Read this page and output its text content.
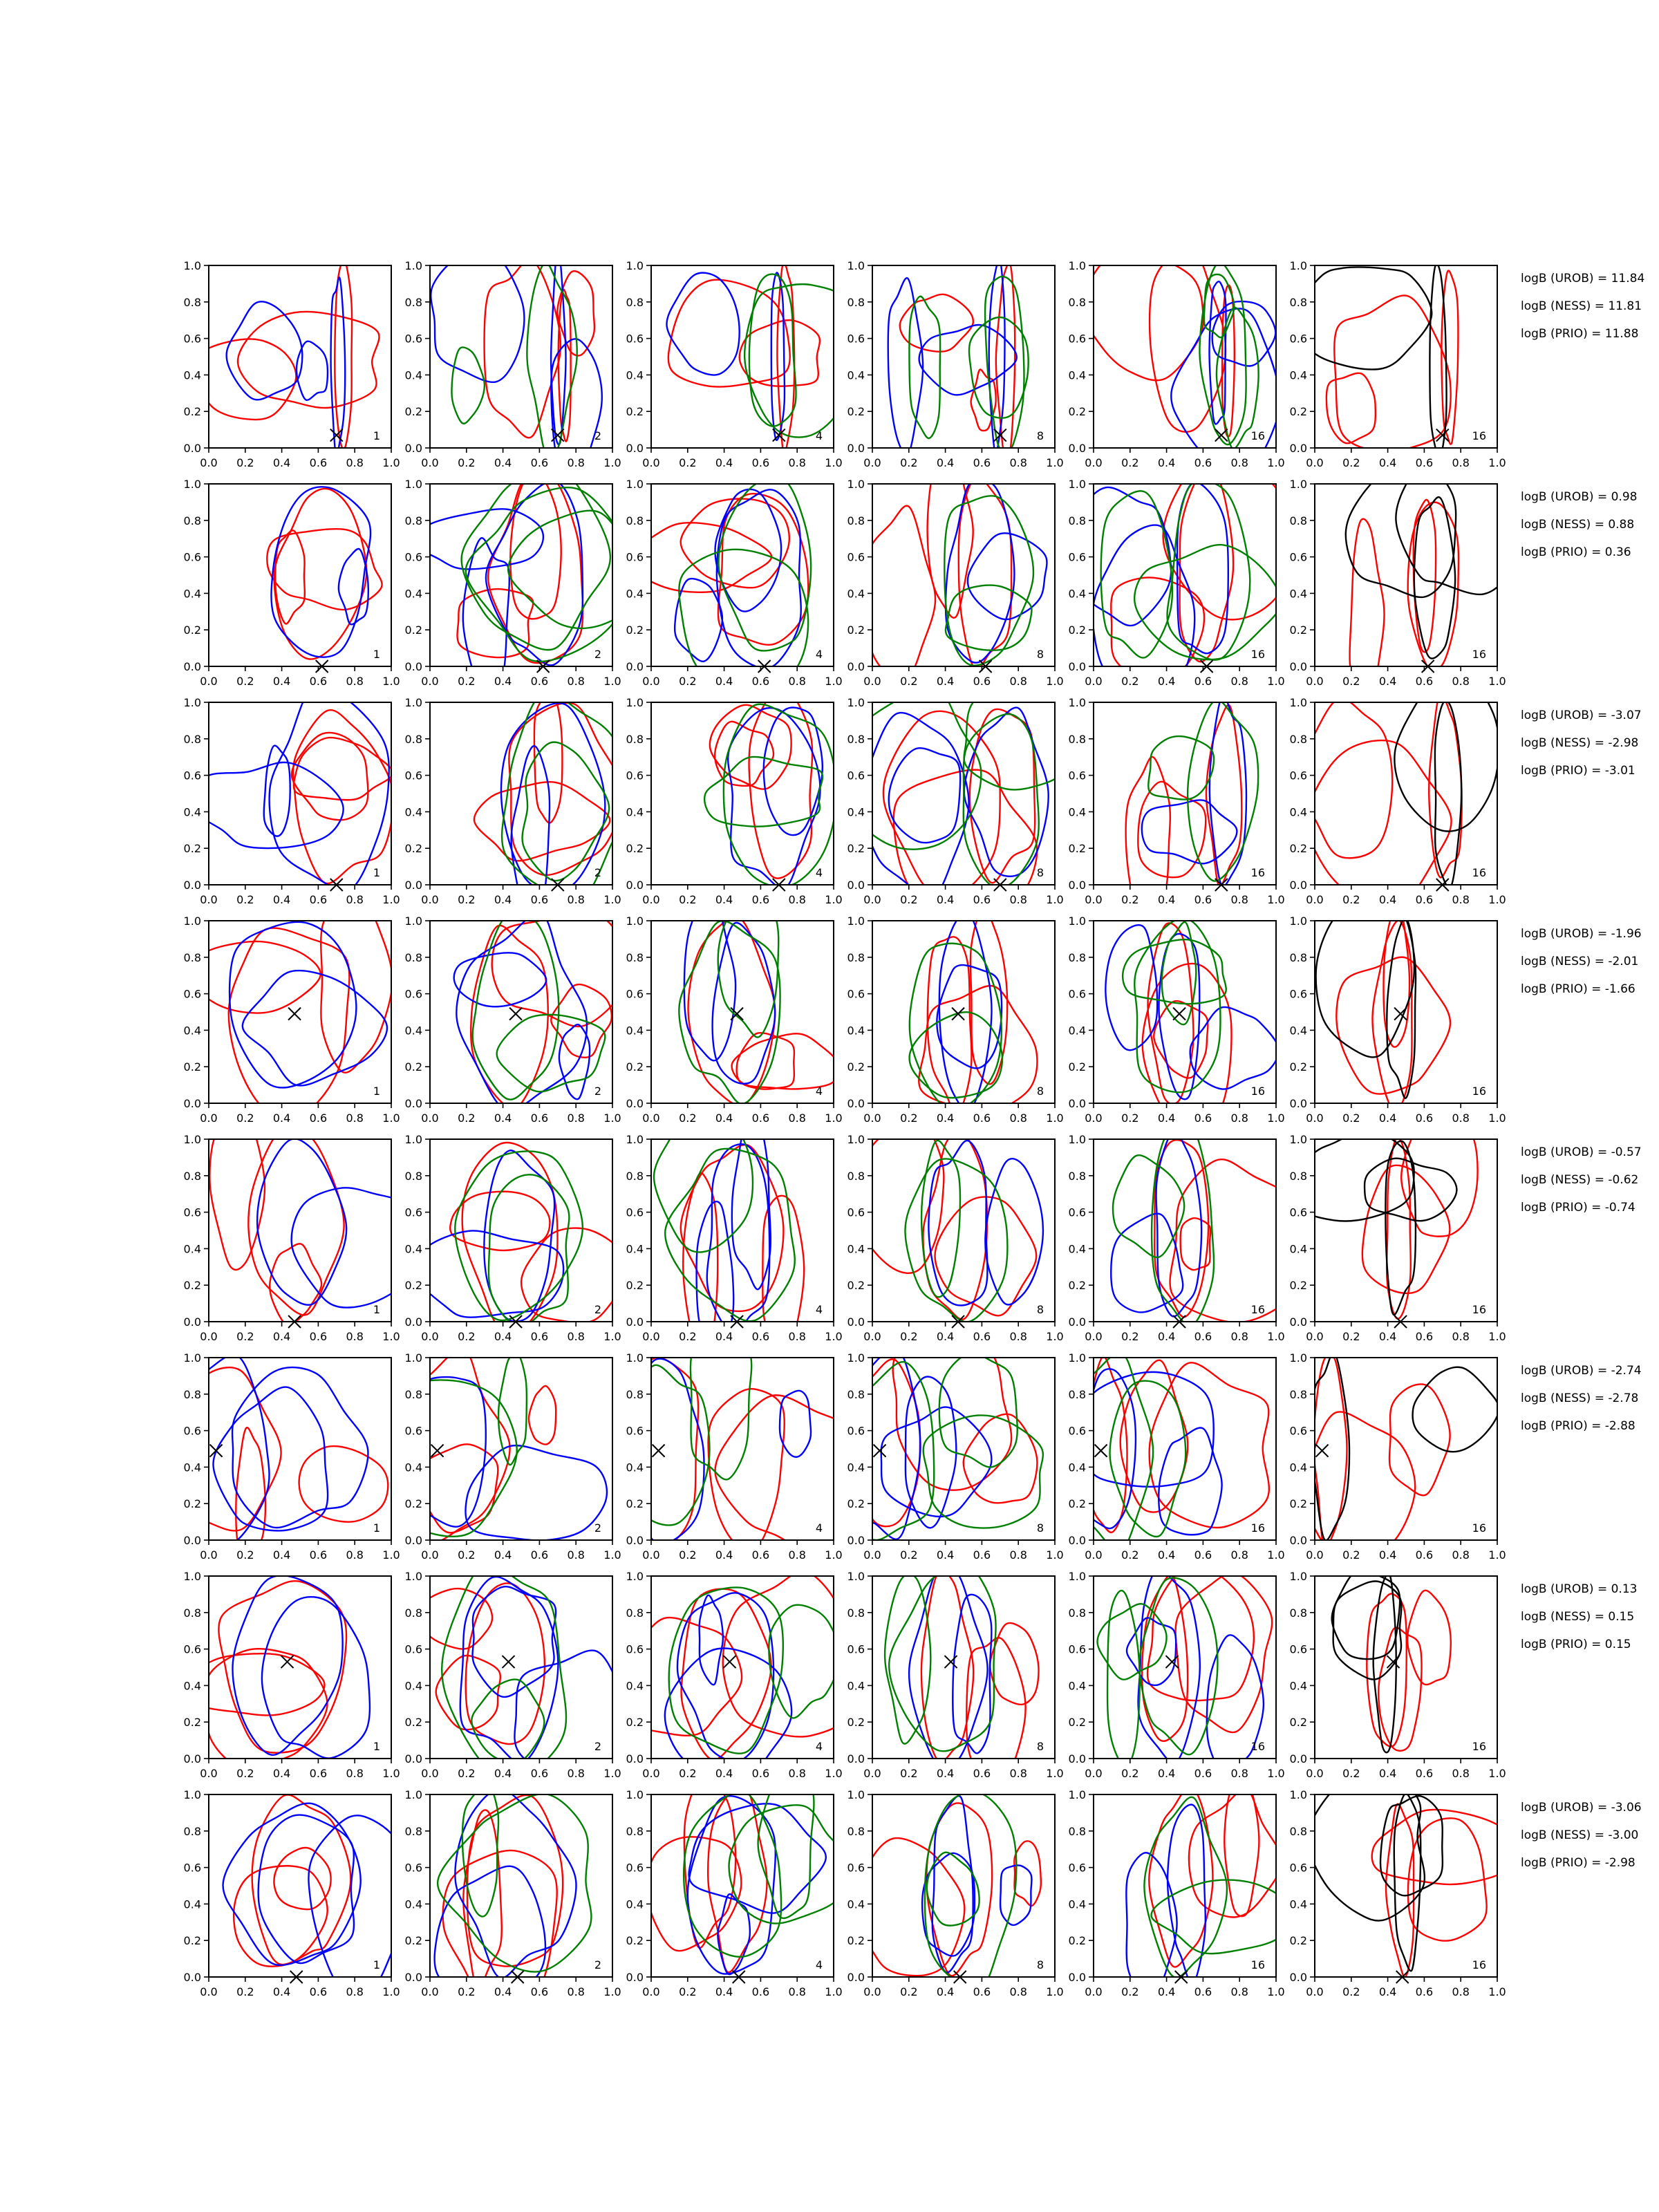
0.0 0.2 0.4 0.6 0.8 1.0
0.0
0.2
0.4
0.6
0.8
1.0
1
0.0 0.2 0.4 0.6 0.8 1.0
0.0
0.2
0.4
0.6
0.8
1.0
2
0.0 0.2 0.4 0.6 0.8 1.0
0.0
0.2
0.4
0.6
0.8
1.0
4
0.0 0.2 0.4 0.6 0.8 1.0
0.0
0.2
0.4
0.6
0.8
1.0
8
0.0 0.2 0.4 0.6 0.8 1.0
0.0
0.2
0.4
0.6
0.8
1.0
16
0.0 0.2 0.4 0.6 0.8 1.0
0.0
0.2
0.4
0.6
0.8
1.0
16
logB (UROB) = 11.84
logB (NESS) = 11.81
logB (PRIO) = 11.88
0.0 0.2 0.4 0.6 0.8 1.0
0.0
0.2
0.4
0.6
0.8
1.0
1
0.0 0.2 0.4 0.6 0.8 1.0
0.0
0.2
0.4
0.6
0.8
1.0
2
0.0 0.2 0.4 0.6 0.8 1.0
0.0
0.2
0.4
0.6
0.8
1.0
4
0.0 0.2 0.4 0.6 0.8 1.0
0.0
0.2
0.4
0.6
0.8
1.0
8
0.0 0.2 0.4 0.6 0.8 1.0
0.0
0.2
0.4
0.6
0.8
1.0
16
0.0 0.2 0.4 0.6 0.8 1.0
0.0
0.2
0.4
0.6
0.8
1.0
16
logB (UROB) = 0.98
logB (NESS) = 0.88
logB (PRIO) = 0.36
0.0 0.2 0.4 0.6 0.8 1.0
0.0
0.2
0.4
0.6
0.8
1.0
1
0.0 0.2 0.4 0.6 0.8 1.0
0.0
0.2
0.4
0.6
0.8
1.0
2
0.0 0.2 0.4 0.6 0.8 1.0
0.0
0.2
0.4
0.6
0.8
1.0
4
0.0 0.2 0.4 0.6 0.8 1.0
0.0
0.2
0.4
0.6
0.8
1.0
8
0.0 0.2 0.4 0.6 0.8 1.0
0.0
0.2
0.4
0.6
0.8
1.0
16
0.0 0.2 0.4 0.6 0.8 1.0
0.0
0.2
0.4
0.6
0.8
1.0
16
logB (UROB) = -3.07
logB (NESS) = -2.98
logB (PRIO) = -3.01
0.0 0.2 0.4 0.6 0.8 1.0
0.0
0.2
0.4
0.6
0.8
1.0
1
0.0 0.2 0.4 0.6 0.8 1.0
0.0
0.2
0.4
0.6
0.8
1.0
2
0.0 0.2 0.4 0.6 0.8 1.0
0.0
0.2
0.4
0.6
0.8
1.0
4
0.0 0.2 0.4 0.6 0.8 1.0
0.0
0.2
0.4
0.6
0.8
1.0
8
0.0 0.2 0.4 0.6 0.8 1.0
0.0
0.2
0.4
0.6
0.8
1.0
16
0.0 0.2 0.4 0.6 0.8 1.0
0.0
0.2
0.4
0.6
0.8
1.0
16
logB (UROB) = -1.96
logB (NESS) = -2.01
logB (PRIO) = -1.66
0.0 0.2 0.4 0.6 0.8 1.0
0.0
0.2
0.4
0.6
0.8
1.0
1
0.0 0.2 0.4 0.6 0.8 1.0
0.0
0.2
0.4
0.6
0.8
1.0
2
0.0 0.2 0.4 0.6 0.8 1.0
0.0
0.2
0.4
0.6
0.8
1.0
4
0.0 0.2 0.4 0.6 0.8 1.0
0.0
0.2
0.4
0.6
0.8
1.0
8
0.0 0.2 0.4 0.6 0.8 1.0
0.0
0.2
0.4
0.6
0.8
1.0
16
0.0 0.2 0.4 0.6 0.8 1.0
0.0
0.2
0.4
0.6
0.8
1.0
16
logB (UROB) = -0.57
logB (NESS) = -0.62
logB (PRIO) = -0.74
0.0 0.2 0.4 0.6 0.8 1.0
0.0
0.2
0.4
0.6
0.8
1.0
1
0.0 0.2 0.4 0.6 0.8 1.0
0.0
0.2
0.4
0.6
0.8
1.0
2
0.0 0.2 0.4 0.6 0.8 1.0
0.0
0.2
0.4
0.6
0.8
1.0
4
0.0 0.2 0.4 0.6 0.8 1.0
0.0
0.2
0.4
0.6
0.8
1.0
8
0.0 0.2 0.4 0.6 0.8 1.0
0.0
0.2
0.4
0.6
0.8
1.0
16
0.0 0.2 0.4 0.6 0.8 1.0
0.0
0.2
0.4
0.6
0.8
1.0
16
logB (UROB) = -2.74
logB (NESS) = -2.78
logB (PRIO) = -2.88
0.0 0.2 0.4 0.6 0.8 1.0
0.0
0.2
0.4
0.6
0.8
1.0
1
0.0 0.2 0.4 0.6 0.8 1.0
0.0
0.2
0.4
0.6
0.8
1.0
2
0.0 0.2 0.4 0.6 0.8 1.0
0.0
0.2
0.4
0.6
0.8
1.0
4
0.0 0.2 0.4 0.6 0.8 1.0
0.0
0.2
0.4
0.6
0.8
1.0
8
0.0 0.2 0.4 0.6 0.8 1.0
0.0
0.2
0.4
0.6
0.8
1.0
16
0.0 0.2 0.4 0.6 0.8 1.0
0.0
0.2
0.4
0.6
0.8
1.0
16
logB (UROB) = 0.13
logB (NESS) = 0.15
logB (PRIO) = 0.15
0.0 0.2 0.4 0.6 0.8 1.0
0.0
0.2
0.4
0.6
0.8
1.0
1
0.0 0.2 0.4 0.6 0.8 1.0
0.0
0.2
0.4
0.6
0.8
1.0
2
0.0 0.2 0.4 0.6 0.8 1.0
0.0
0.2
0.4
0.6
0.8
1.0
4
0.0 0.2 0.4 0.6 0.8 1.0
0.0
0.2
0.4
0.6
0.8
1.0
8
0.0 0.2 0.4 0.6 0.8 1.0
0.0
0.2
0.4
0.6
0.8
1.0
16
0.0 0.2 0.4 0.6 0.8 1.0
0.0
0.2
0.4
0.6
0.8
1.0
16
logB (UROB) = -3.06
logB (NESS) = -3.00
logB (PRIO) = -2.98
